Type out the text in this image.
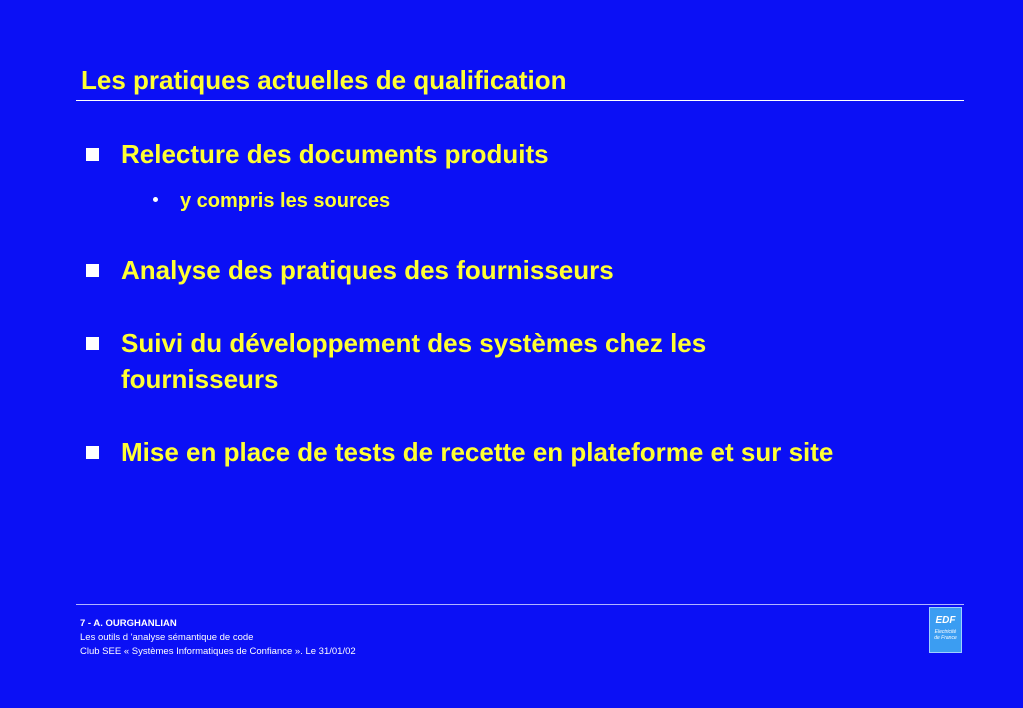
Les pratiques actuelles de qualification
Relecture des documents produits
y compris les sources
Analyse des pratiques des fournisseurs
Suivi du développement des systèmes chez les fournisseurs
Mise en place de tests de recette en plateforme et sur site
7 - A. OURGHANLIAN
Les outils d 'analyse sémantique de code
Club SEE « Systèmes Informatiques de Confiance ». Le 31/01/02
EDF
Electricité
de France
